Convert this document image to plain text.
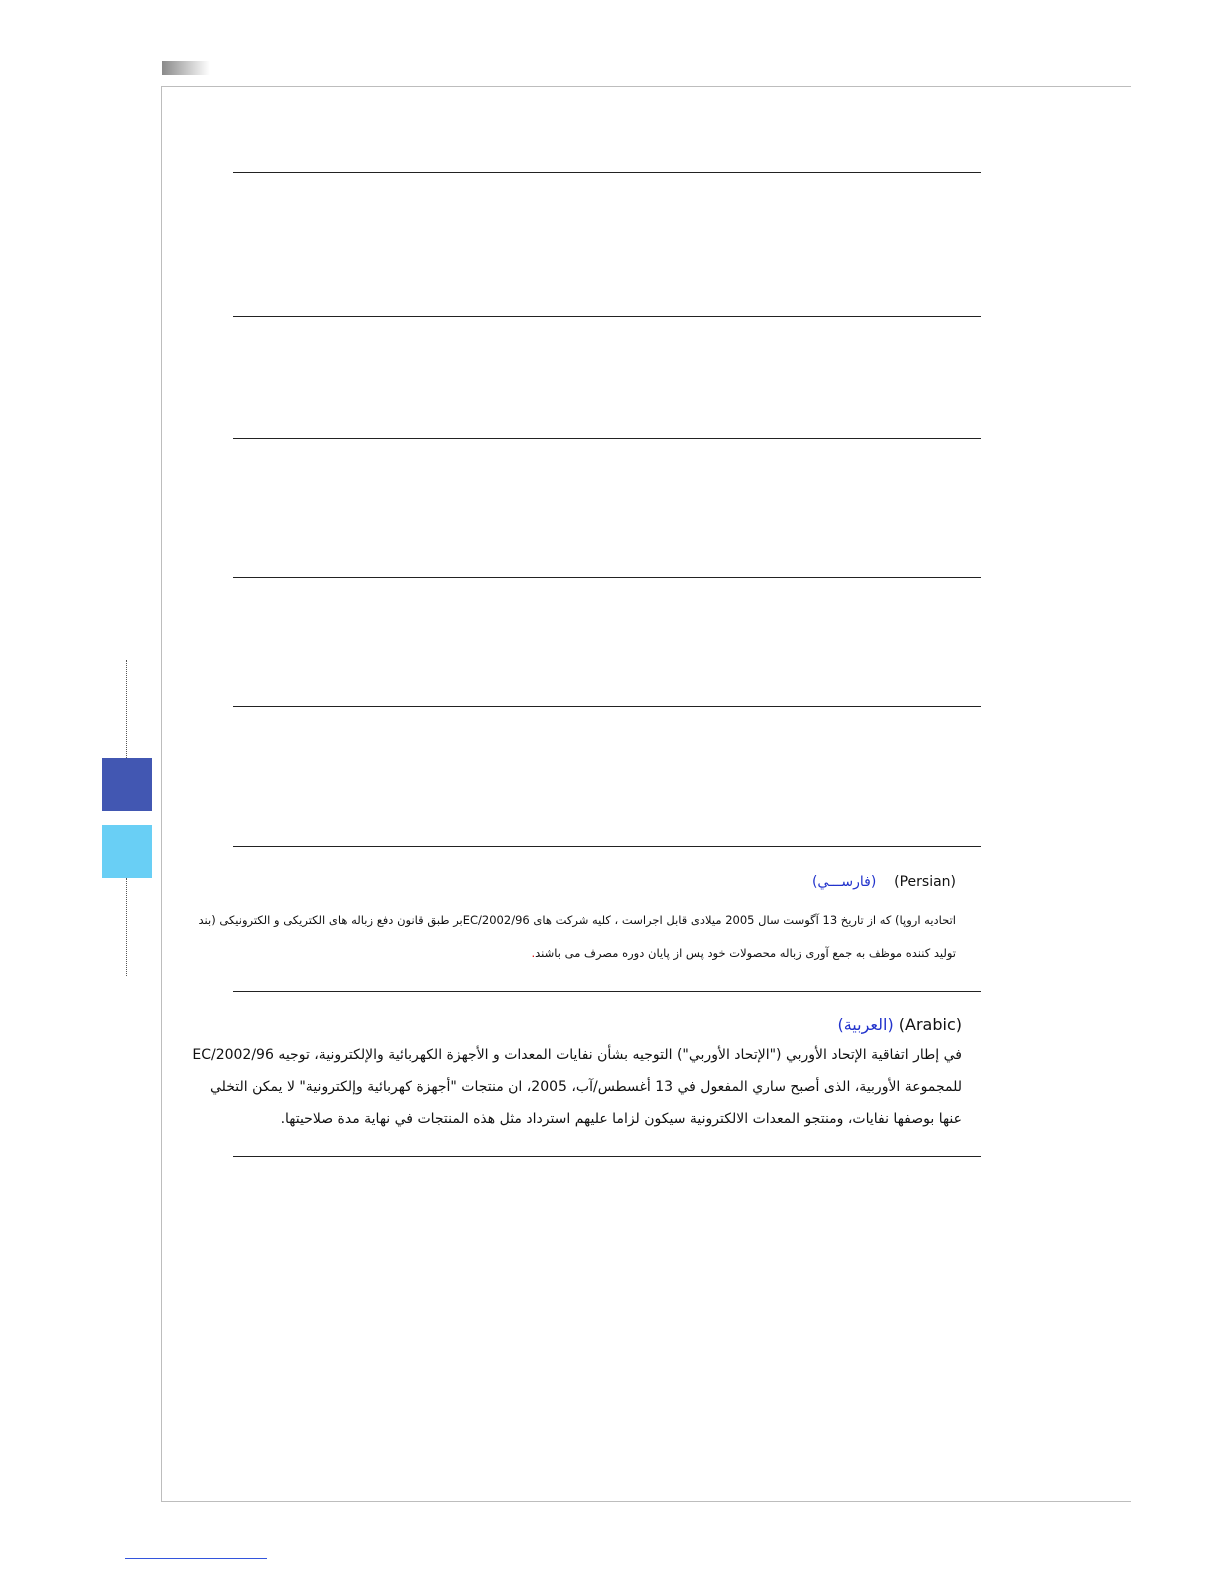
(فارســـي) (Persian)
اتحادیه اروپا) که از تاریخ 13 آگوست سال 2005 میلادی قابل اجراست ، کلیه شرکت های 2002/96/ECبر طبق قانون دفع زباله های الکتریکی و الکترونیکی (بند
تولید کننده موظف به جمع آوری زباله محصولات خود پس از پایان دوره مصرف می باشند.
(العربية) (Arabic)
في إطار اتفاقية الإتحاد الأوربي ("الإتحاد الأوربي") التوجيه بشأن نفايات المعدات و الأجهزة الكهربائية والإلكترونية، توجيه 2002/96/EC
للمجموعة الأوربية، الذى أصبح ساري المفعول في 13 أغسطس/آب، 2005، ان منتجات "أجهزة كهربائية وإلكترونية" لا يمكن التخلي
عنها بوصفها نفايات، ومنتجو المعدات الالكترونية سيكون لزاما عليهم استرداد مثل هذه المنتجات في نهاية مدة صلاحيتها.
